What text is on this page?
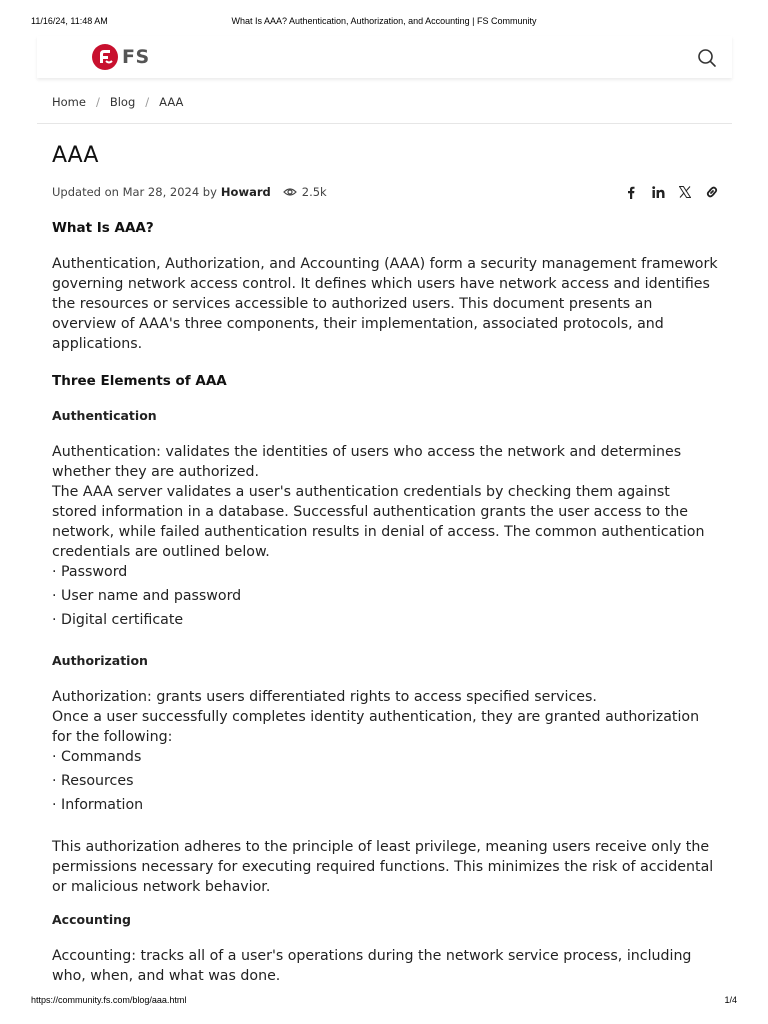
11/16/24, 11:48 AM	What Is AAA? Authentication, Authorization, and Accounting | FS Community
FS
Home / Blog / AAA
AAA
Updated on Mar 28, 2024 by Howard	2.5k
What Is AAA?

Authentication, Authorization, and Accounting (AAA) form a security management framework governing network access control. It defines which users have network access and identifies the resources or services accessible to authorized users. This document presents an overview of AAA's three components, their implementation, associated protocols, and applications.

Three Elements of AAA
Authentication

Authentication: validates the identities of users who access the network and determines whether they are authorized.

The AAA server validates a user's authentication credentials by checking them against stored information in a database. Successful authentication grants the user access to the network, while failed authentication results in denial of access. The common authentication credentials are outlined below.

· Password
· User name and password
· Digital certificate
Authorization

Authorization: grants users differentiated rights to access specified services.

Once a user successfully completes identity authentication, they are granted authorization for the following:

· Commands
· Resources
· Information

This authorization adheres to the principle of least privilege, meaning users receive only the permissions necessary for executing required functions. This minimizes the risk of accidental or malicious network behavior.

Accounting

Accounting: tracks all of a user's operations during the network service process, including who, when, and what was done.

https://community.fs.com/blog/aaa.html	1/4
